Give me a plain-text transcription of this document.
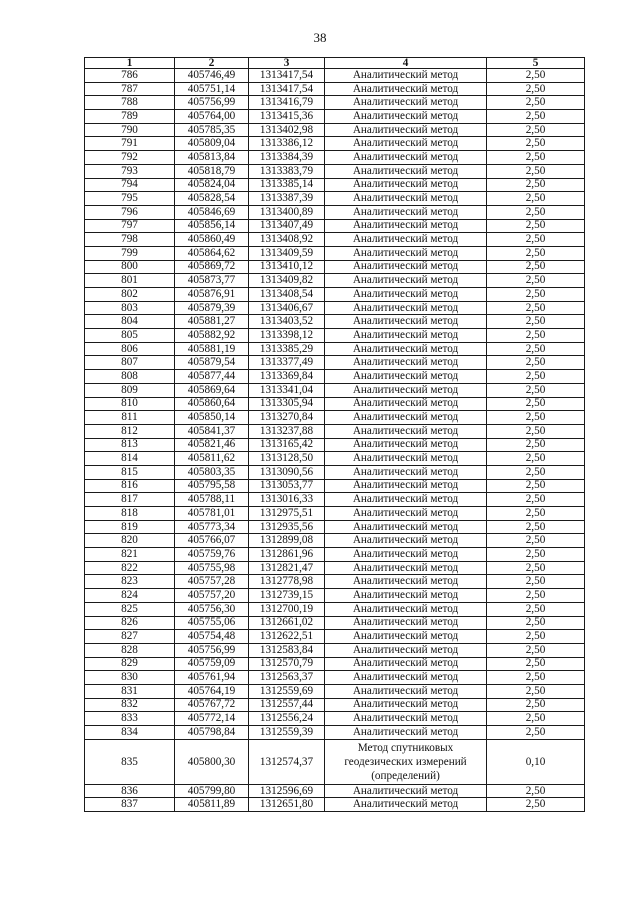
38
1	2	3	4	5
786	405746,49	1313417,54	Аналитический метод	2,50
787	405751,14	1313417,54	Аналитический метод	2,50
788	405756,99	1313416,79	Аналитический метод	2,50
789	405764,00	1313415,36	Аналитический метод	2,50
790	405785,35	1313402,98	Аналитический метод	2,50
791	405809,04	1313386,12	Аналитический метод	2,50
792	405813,84	1313384,39	Аналитический метод	2,50
793	405818,79	1313383,79	Аналитический метод	2,50
794	405824,04	1313385,14	Аналитический метод	2,50
795	405828,54	1313387,39	Аналитический метод	2,50
796	405846,69	1313400,89	Аналитический метод	2,50
797	405856,14	1313407,49	Аналитический метод	2,50
798	405860,49	1313408,92	Аналитический метод	2,50
799	405864,62	1313409,59	Аналитический метод	2,50
800	405869,72	1313410,12	Аналитический метод	2,50
801	405873,77	1313409,82	Аналитический метод	2,50
802	405876,91	1313408,54	Аналитический метод	2,50
803	405879,39	1313406,67	Аналитический метод	2,50
804	405881,27	1313403,52	Аналитический метод	2,50
805	405882,92	1313398,12	Аналитический метод	2,50
806	405881,19	1313385,29	Аналитический метод	2,50
807	405879,54	1313377,49	Аналитический метод	2,50
808	405877,44	1313369,84	Аналитический метод	2,50
809	405869,64	1313341,04	Аналитический метод	2,50
810	405860,64	1313305,94	Аналитический метод	2,50
811	405850,14	1313270,84	Аналитический метод	2,50
812	405841,37	1313237,88	Аналитический метод	2,50
813	405821,46	1313165,42	Аналитический метод	2,50
814	405811,62	1313128,50	Аналитический метод	2,50
815	405803,35	1313090,56	Аналитический метод	2,50
816	405795,58	1313053,77	Аналитический метод	2,50
817	405788,11	1313016,33	Аналитический метод	2,50
818	405781,01	1312975,51	Аналитический метод	2,50
819	405773,34	1312935,56	Аналитический метод	2,50
820	405766,07	1312899,08	Аналитический метод	2,50
821	405759,76	1312861,96	Аналитический метод	2,50
822	405755,98	1312821,47	Аналитический метод	2,50
823	405757,28	1312778,98	Аналитический метод	2,50
824	405757,20	1312739,15	Аналитический метод	2,50
825	405756,30	1312700,19	Аналитический метод	2,50
826	405755,06	1312661,02	Аналитический метод	2,50
827	405754,48	1312622,51	Аналитический метод	2,50
828	405756,99	1312583,84	Аналитический метод	2,50
829	405759,09	1312570,79	Аналитический метод	2,50
830	405761,94	1312563,37	Аналитический метод	2,50
831	405764,19	1312559,69	Аналитический метод	2,50
832	405767,72	1312557,44	Аналитический метод	2,50
833	405772,14	1312556,24	Аналитический метод	2,50
834	405798,84	1312559,39	Аналитический метод	2,50
835	405800,30	1312574,37	Метод спутниковых геодезических измерений (определений)	0,10
836	405799,80	1312596,69	Аналитический метод	2,50
837	405811,89	1312651,80	Аналитический метод	2,50
